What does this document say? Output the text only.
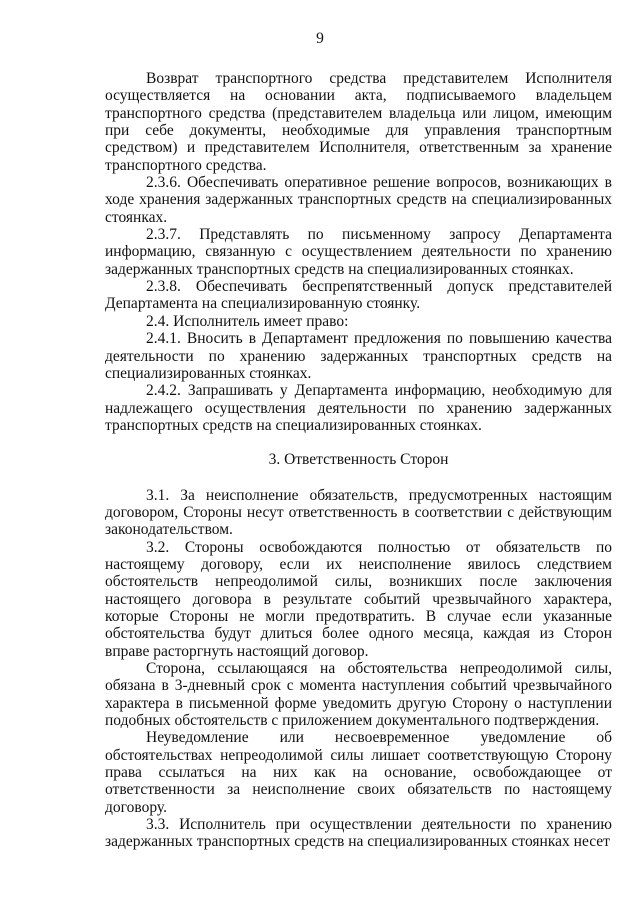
9

Возврат транспортного средства представителем Исполнителя осуществляется на основании акта, подписываемого владельцем транспортного средства (представителем владельца или лицом, имеющим при себе документы, необходимые для управления транспортным средством) и представителем Исполнителя, ответственным за хранение транспортного средства.

2.3.6. Обеспечивать оперативное решение вопросов, возникающих в ходе хранения задержанных транспортных средств на специализированных стоянках.

2.3.7. Представлять по письменному запросу Департамента информацию, связанную с осуществлением деятельности по хранению задержанных транспортных средств на специализированных стоянках.

2.3.8. Обеспечивать беспрепятственный допуск представителей Департамента на специализированную стоянку.

2.4. Исполнитель имеет право:

2.4.1. Вносить в Департамент предложения по повышению качества деятельности по хранению задержанных транспортных средств на специализированных стоянках.

2.4.2. Запрашивать у Департамента информацию, необходимую для надлежащего осуществления деятельности по хранению задержанных транспортных средств на специализированных стоянках.

3. Ответственность Сторон

3.1. За неисполнение обязательств, предусмотренных настоящим договором, Стороны несут ответственность в соответствии с действующим законодательством.

3.2. Стороны освобождаются полностью от обязательств по настоящему договору, если их неисполнение явилось следствием обстоятельств непреодолимой силы, возникших после заключения настоящего договора в результате событий чрезвычайного характера, которые Стороны не могли предотвратить. В случае если указанные обстоятельства будут длиться более одного месяца, каждая из Сторон вправе расторгнуть настоящий договор.

Сторона, ссылающаяся на обстоятельства непреодолимой силы, обязана в 3-дневный срок с момента наступления событий чрезвычайного характера в письменной форме уведомить другую Сторону о наступлении подобных обстоятельств с приложением документального подтверждения.

Неуведомление или несвоевременное уведомление об обстоятельствах непреодолимой силы лишает соответствующую Сторону права ссылаться на них как на основание, освобождающее от ответственности за неисполнение своих обязательств по настоящему договору.

3.3. Исполнитель при осуществлении деятельности по хранению задержанных транспортных средств на специализированных стоянках несет
